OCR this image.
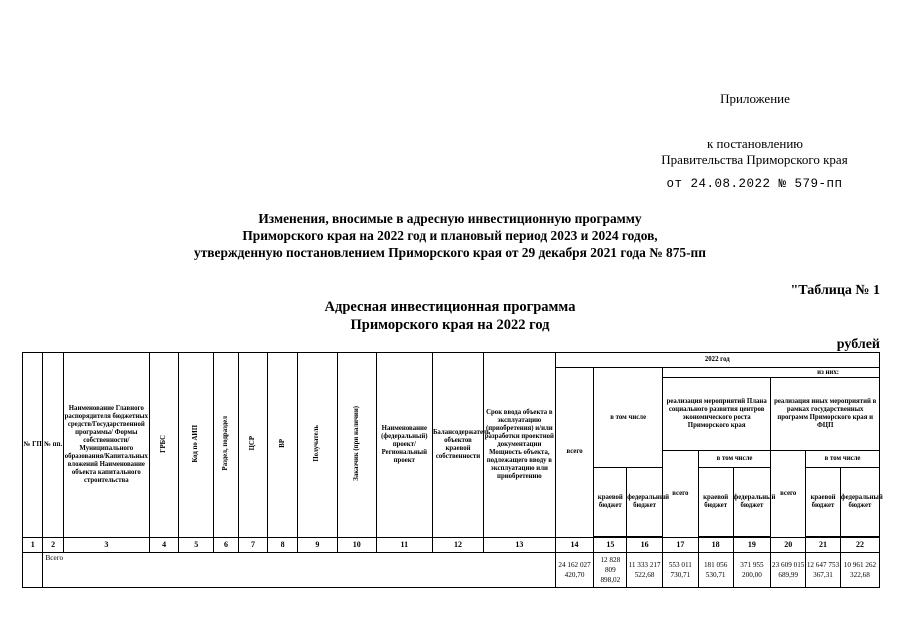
Приложение
к постановлению
Правительства Приморского края
от 24.08.2022 № 579-пп
Изменения, вносимые в адресную инвестиционную программу
Приморского края на 2022 год и плановый период 2023 и 2024 годов,
утвержденную постановлением Приморского края от 29 декабря 2021 года № 875-пп
"Таблица № 1
Адресная инвестиционная программа
Приморского края на 2022 год
рублей
№ ГП	№ пп.	Наименование Главного распорядителя бюджетных средств/Государственной программы/ Формы собственности/Муниципального образования/Капитальных вложений Наименование объекта капитального строительства	ГРБС	Код по АИП	Раздел, подраздел	ЦСР	ВР	Получатель	Заказчик (при наличии)	Наименование (федеральный) проект/ Региональный проект	Балансодержатель объектов краевой собственности	Срок ввода объекта в эксплуатацию (приобретения) и/или разработки проектной документации Мощность объекта, подлежащего вводу в эксплуатацию или приобретению	2022 год								
													всего	в том числе		из них:					
																реализация мероприятий Плана социального развития центров экономического роста Приморского края			реализация иных мероприятий в рамках государственных программ Приморского края и ФЦП		
																всего	в том числе		всего	в том числе	
														краевой бюджет	федеральный бюджет		краевой бюджет	федеральный бюджет		краевой бюджет	федеральный бюджет

1	2	3	4	5	6	7	8	9	10	11	12	13	14	15	16	17	18	19	20	21	22
	Всего												24 162 027 420,70	12 828 809 898,02	11 333 217 522,68	553 011 730,71	181 056 530,71	371 955 200,00	23 609 015 689,99	12 647 753 367,31	10 961 262 322,68
